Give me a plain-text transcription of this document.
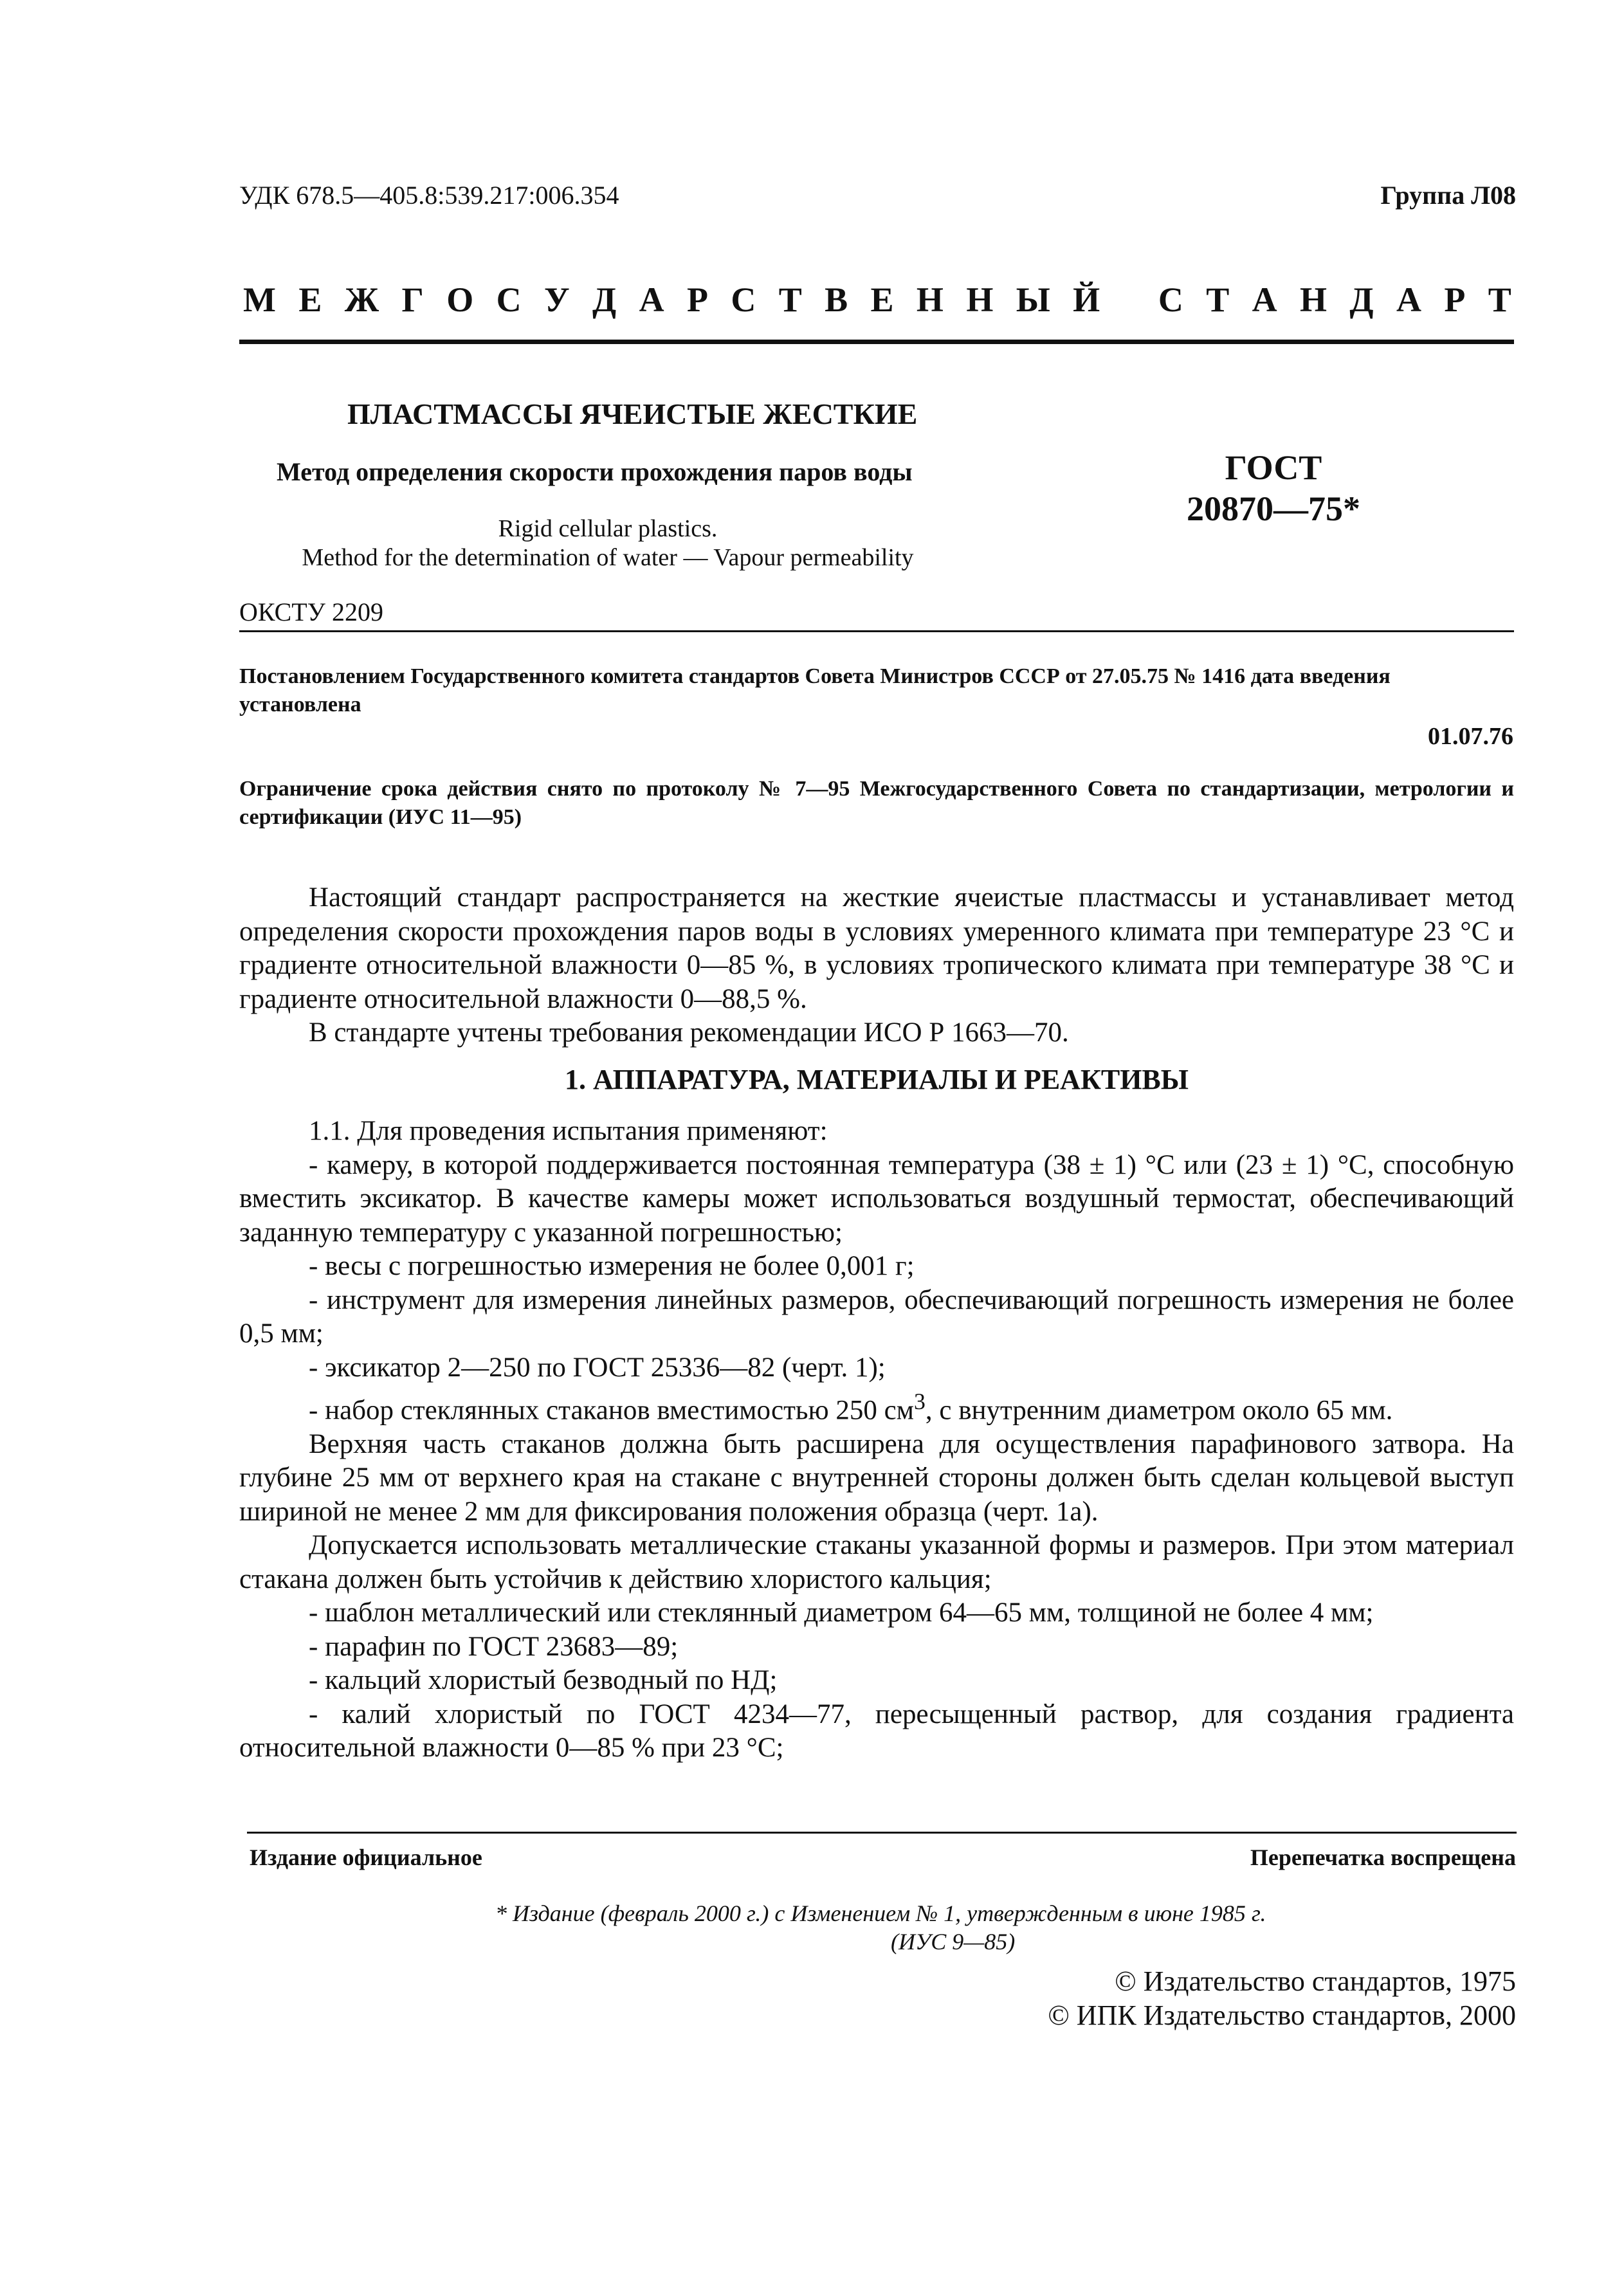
УДК 678.5—405.8:539.217:006.354	Группа Л08
М Е Ж Г О С У Д А Р С Т В Е Н Н Ы Й С Т А Н Д А Р Т
ПЛАСТМАССЫ ЯЧЕИСТЫЕ ЖЕСТКИЕ
Метод определения скорости прохождения паров воды
Rigid cellular plastics.
Method for the determination of water — Vapour permeability
ГОСТ
20870—75*
ОКСТУ 2209
Постановлением Государственного комитета стандартов Совета Министров СССР от 27.05.75 № 1416 дата введения установлена
01.07.76
Ограничение срока действия снято по протоколу № 7—95 Межгосударственного Совета по стандартизации, метрологии и сертификации (ИУС 11—95)

Настоящий стандарт распространяется на жесткие ячеистые пластмассы и устанавливает метод определения скорости прохождения паров воды в условиях умеренного климата при температуре 23 °С и градиенте относительной влажности 0—85 %, в условиях тропического климата при температуре 38 °С и градиенте относительной влажности 0—88,5 %.

В стандарте учтены требования рекомендации ИСО Р 1663—70.

1. АППАРАТУРА, МАТЕРИАЛЫ И РЕАКТИВЫ

1.1. Для проведения испытания применяют:

- камеру, в которой поддерживается постоянная температура (38 ± 1) °С или (23 ± 1) °С, способную вместить эксикатор. В качестве камеры может использоваться воздушный термостат, обеспечивающий заданную температуру с указанной погрешностью;

- весы с погрешностью измерения не более 0,001 г;

- инструмент для измерения линейных размеров, обеспечивающий погрешность измерения не более 0,5 мм;

- эксикатор 2—250 по ГОСТ 25336—82 (черт. 1);

- набор стеклянных стаканов вместимостью 250 $см^3$, с внутренним диаметром около 65 мм.

Верхняя часть стаканов должна быть расширена для осуществления парафинового затвора. На глубине 25 мм от верхнего края на стакане с внутренней стороны должен быть сделан кольцевой выступ шириной не менее 2 мм для фиксирования положения образца (черт. 1а).

Допускается использовать металлические стаканы указанной формы и размеров. При этом материал стакана должен быть устойчив к действию хлористого кальция;

- шаблон металлический или стеклянный диаметром 64—65 мм, толщиной не более 4 мм;

- парафин по ГОСТ 23683—89;

- кальций хлористый безводный по НД;

- калий хлористый по ГОСТ 4234—77, пересыщенный раствор, для создания градиента относительной влажности 0—85 % при 23 °С;

Издание официальное	Перепечатка воспрещена
* Издание (февраль 2000 г.) с Изменением № 1, утвержденным в июне 1985 г.
(ИУС 9—85)
© Издательство стандартов, 1975
© ИПК Издательство стандартов, 2000
